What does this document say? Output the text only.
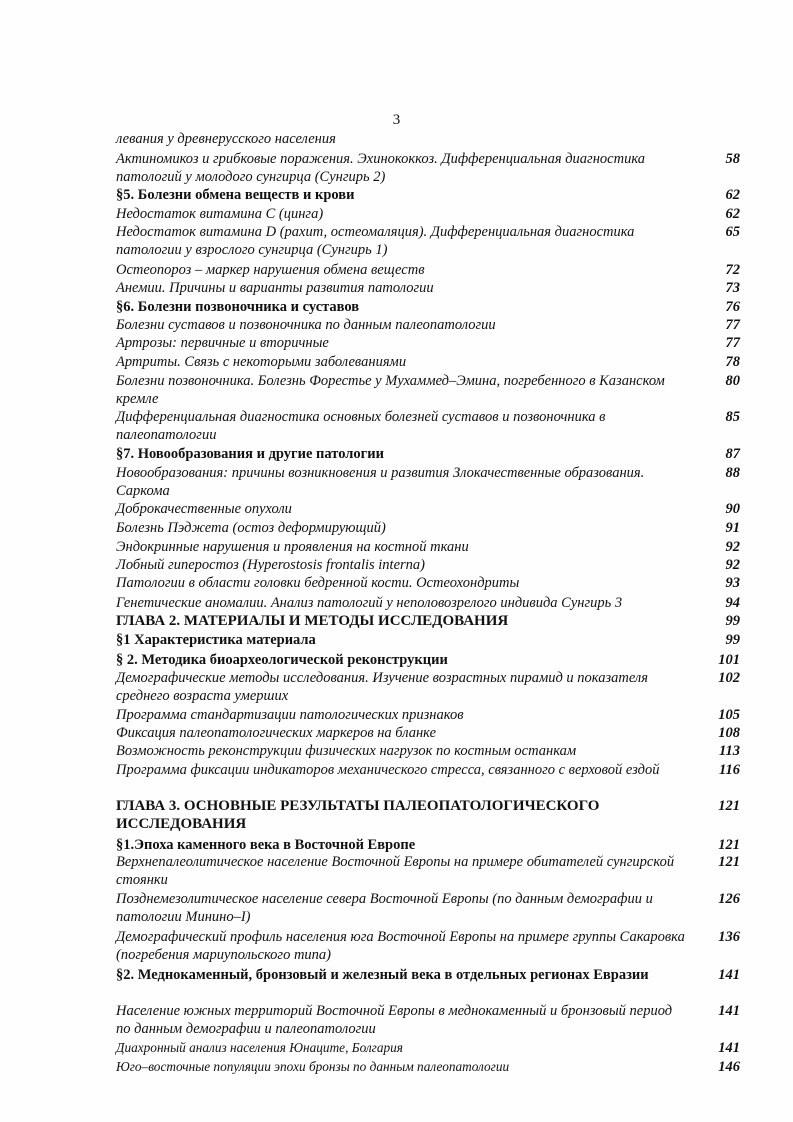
3
левания у древнерусского населения
Актиномикоз и грибковые поражения. Эхинококкоз. Дифференциальная диагностика патологий у молодого сунгирца (Сунгирь 2)
58
§5. Болезни обмена веществ и крови	62
Недостаток витамина С (цинга)	62
Недостаток витамина D (рахит, остеомаляция). Дифференциальная диагностика патологии у взрослого сунгирца (Сунгирь 1)
65
Остеопороз – маркер нарушения обмена веществ	72
Анемии. Причины и варианты развития патологии	73
§6. Болезни позвоночника и суставов	76
Болезни суставов и позвоночника по данным палеопатологии	77
Артрозы: первичные и вторичные	77
Артриты. Связь с некоторыми заболеваниями	78
Болезни позвоночника. Болезнь Форестье у Мухаммед–Эмина, погребенного в Казанском кремле
80
Дифференциальная диагностика основных болезней суставов и позвоночника в палеопатологии
85
§7. Новообразования и другие патологии	87
Новообразования: причины возникновения и развития Злокачественные образования. Саркома
88
Доброкачественные опухоли	90
Болезнь Пэджета (остоз деформирующий)	91
Эндокринные нарушения и проявления на костной ткани	92
Лобный гиперостоз (Hyperostosis frontalis interna)	92
Патологии в области головки бедренной кости. Остеохондриты	93
Генетические аномалии. Анализ патологий у неполовозрелого индивида Сунгирь 3	94
ГЛАВА 2. МАТЕРИАЛЫ И МЕТОДЫ ИССЛЕДОВАНИЯ	99
§1 Характеристика материала	99
§ 2. Методика биоархеологической реконструкции	101
Демографические методы исследования. Изучение возрастных пирамид и показателя среднего возраста умерших
102
Программа стандартизации патологических признаков	105
Фиксация палеопатологических маркеров на бланке	108
Возможность реконструкции физических нагрузок по костным останкам	113
Программа фиксации индикаторов механического стресса, связанного с верховой ездой	116
ГЛАВА 3. ОСНОВНЫЕ РЕЗУЛЬТАТЫ ПАЛЕОПАТОЛОГИЧЕСКОГО ИССЛЕДОВАНИЯ
121
§1.Эпоха каменного века в Восточной Европе	121
Верхнепалеолитическое население Восточной Европы на примере обитателей сунгирской стоянки
121
Позднемезолитическое население севера Восточной Европы (по данным демографии и патологии Минино–I)
126
Демографический профиль населения юга Восточной Европы на примере группы Сакаровка (погребения мариупольского типа)
136
§2. Меднокаменный, бронзовый и железный века в отдельных регионах Евразии	141
Население южных территорий Восточной Европы в меднокаменный и бронзовый период по данным демографии и палеопатологии
141
Диахронный анализ населения Юнаците, Болгария	141
Юго–восточные популяции эпохи бронзы по данным палеопатологии	146
